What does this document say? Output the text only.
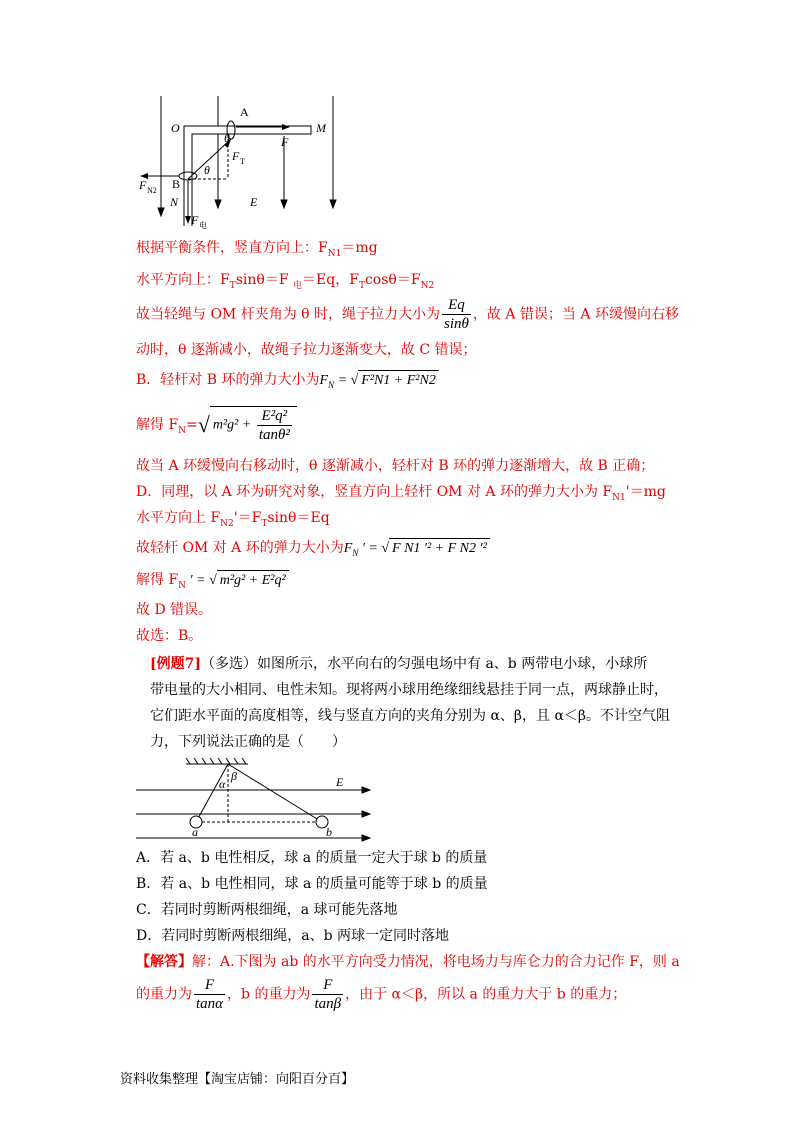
O
A
M
F
θ
F T
θ
B
N	E
F N2
F 电
根据平衡条件，竖直方向上：$F_{N1}=mg$
水平方向上：$F_T\sin\theta=F$ $_电$＝Eq，$F_T\cos\theta=F_{N2}$
故当轻绳与 OM 杆夹角为 θ 时，绳子拉力大小为 $\frac{Eq}{\sin\theta}$ ，故 A 错误；当 A 环缓慢向右移
动时，θ 逐渐减小，故绳子拉力逐渐变大，故 C 错误；
B．轻杆对 B 环的弹力大小为$F_N$ = √ F²N1 + F²N2
解得 $F_N=√$ $m^2g^2 + \frac{\text{E²q²}}{\text{tanθ²}}$
故当 A 环缓慢向右移动时，θ 逐渐减小，轻杆对 B 环的弹力逐渐增大，故 B 正确；
D．同理，以 A 环为研究对象，竖直方向上轻杆 OM 对 A 环的弹力大小为 $F_{N1}'=mg$
水平方向上 $F_{N2}'=F_T\sin\theta=Eq$
故轻杆 OM 对 A 环的弹力大小为$F_N$ ′ = √ F N1 ′² + F N2 ′²
解得 $F_N$ ′ = √ m²g² + E²q²
故 D 错误。
故选：B。
[例题7]（多选）如图所示，水平向右的匀强电场中有 a、b 两带电小球，小球所
带电量的大小相同、电性未知。现将两小球用绝缘细线悬挂于同一点，两球静止时，
它们距水平面的高度相等，线与竖直方向的夹角分别为 α、β，且 α＜β。不计空气阻
力，下列说法正确的是（　　）
α
β	E
a	b
A．若 a、b 电性相反，球 a 的质量一定大于球 b 的质量
B．若 a、b 电性相同，球 a 的质量可能等于球 b 的质量
C．若同时剪断两根细绳，a 球可能先落地
D．若同时剪断两根细绳，a、b 两球一定同时落地
【解答】解：A.下图为 ab 的水平方向受力情况，将电场力与库仑力的合力记作 F，则 a
的重力为 $\frac{F}{\tan\alpha}$ ，b 的重力为 $\frac{F}{\tan\beta}$ ，由于 α＜β，所以 a 的重力大于 b 的重力；
资料收集整理【淘宝店铺：向阳百分百】
